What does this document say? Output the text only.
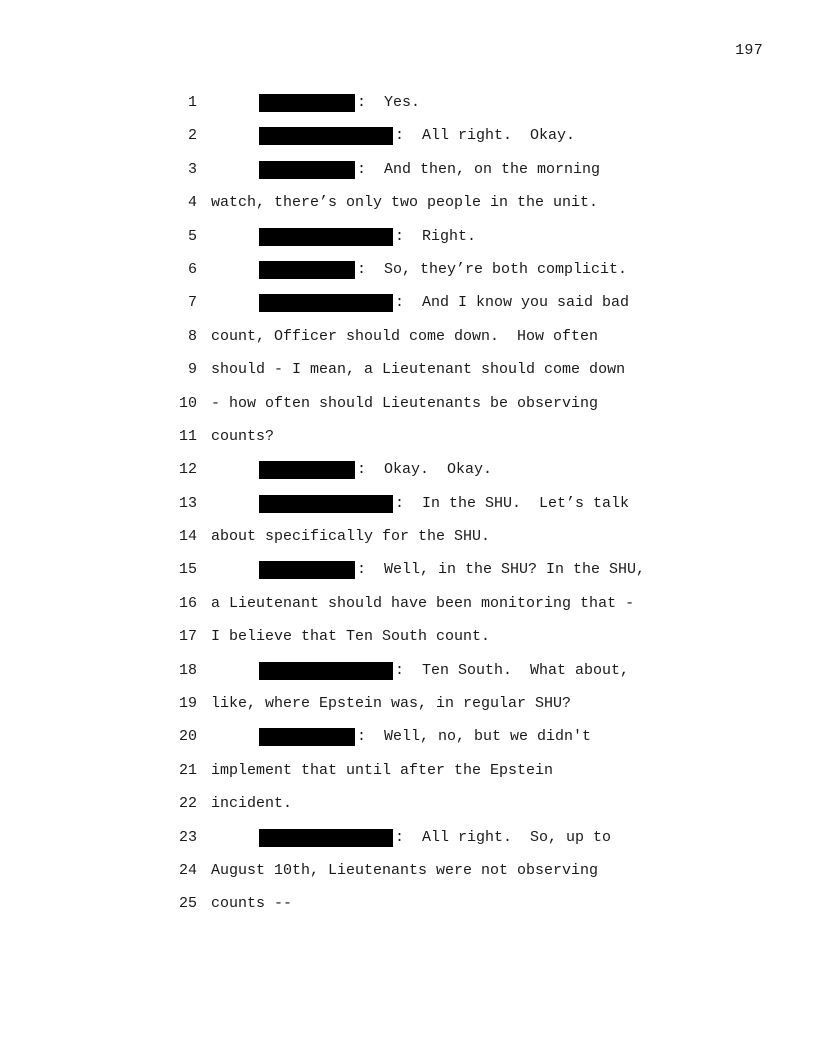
197
1	:  Yes.
2	:  All right.  Okay.
3	:  And then, on the morning
4 watch, there’s only two people in the unit.
5	:  Right.
6	:  So, they’re both complicit.
7	:  And I know you said bad
8 count, Officer should come down.  How often
9 should - I mean, a Lieutenant should come down
10 - how often should Lieutenants be observing
11 counts?
12	:  Okay.  Okay.
13	:  In the SHU.  Let’s talk
14 about specifically for the SHU.
15	:  Well, in the SHU? In the SHU,
16 a Lieutenant should have been monitoring that -
17 I believe that Ten South count.
18	:  Ten South.  What about,
19 like, where Epstein was, in regular SHU?
20	:  Well, no, but we didn't
21 implement that until after the Epstein
22 incident.
23	:  All right.  So, up to
24 August 10th, Lieutenants were not observing
25 counts --
